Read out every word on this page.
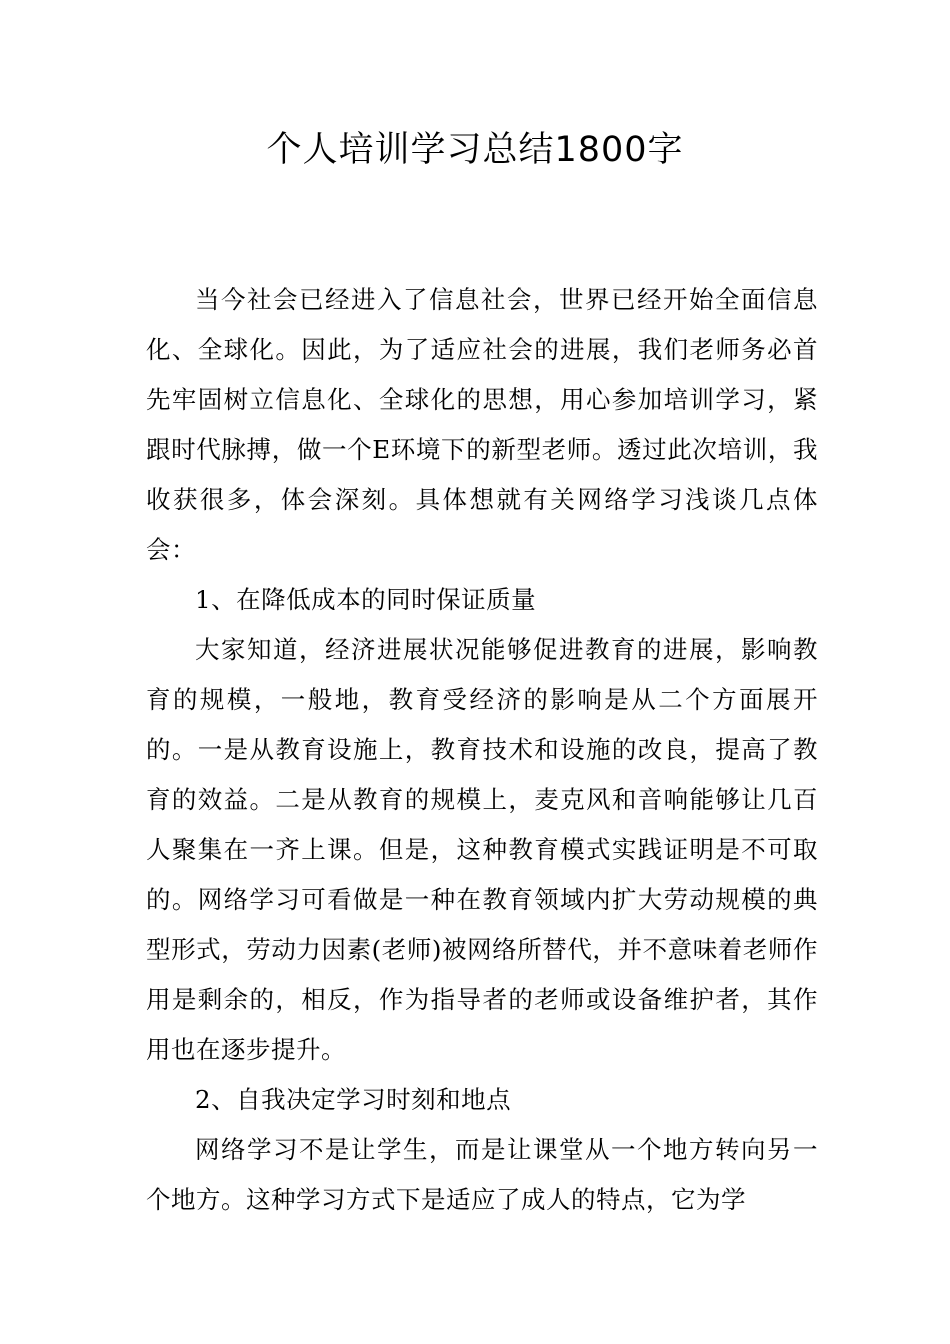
个人培训学习总结1800字

当今社会已经进入了信息社会，世界已经开始全面信息化、全球化。因此，为了适应社会的进展，我们老师务必首先牢固树立信息化、全球化的思想，用心参加培训学习，紧跟时代脉搏，做一个E环境下的新型老师。透过此次培训，我收获很多，体会深刻。具体想就有关网络学习浅谈几点体会：

1、在降低成本的同时保证质量

大家知道，经济进展状况能够促进教育的进展，影响教育的规模，一般地，教育受经济的影响是从二个方面展开的。一是从教育设施上，教育技术和设施的改良，提高了教育的效益。二是从教育的规模上，麦克风和音响能够让几百人聚集在一齐上课。但是，这种教育模式实践证明是不可取的。网络学习可看做是一种在教育领域内扩大劳动规模的典型形式，劳动力因素(老师)被网络所替代，并不意味着老师作用是剩余的，相反，作为指导者的老师或设备维护者，其作用也在逐步提升。

2、自我决定学习时刻和地点

网络学习不是让学生，而是让课堂从一个地方转向另一个地方。这种学习方式下是适应了成人的特点，它为学
